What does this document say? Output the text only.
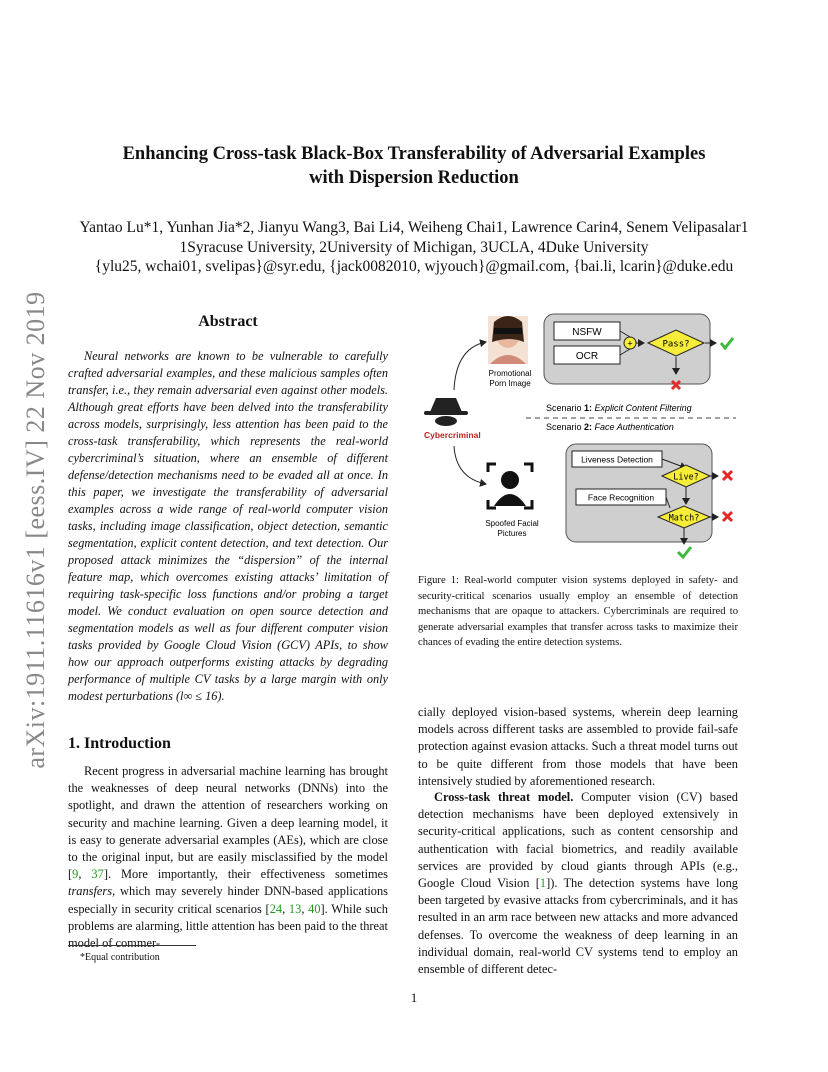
arXiv:1911.11616v1 [eess.IV] 22 Nov 2019
Enhancing Cross-task Black-Box Transferability of Adversarial Examples
with Dispersion Reduction
Yantao Lu*1, Yunhan Jia*2, Jianyu Wang3, Bai Li4, Weiheng Chai1, Lawrence Carin4, Senem Velipasalar1
1Syracuse University, 2University of Michigan, 3UCLA, 4Duke University
{ylu25, wchai01, svelipas}@syr.edu, {jack0082010, wjyouch}@gmail.com, {bai.li, lcarin}@duke.edu
Abstract
Neural networks are known to be vulnerable to carefully crafted adversarial examples, and these malicious samples often transfer, i.e., they remain adversarial even against other models. Although great efforts have been delved into the transferability across models, surprisingly, less attention has been paid to the cross-task transferability, which represents the real-world cybercriminal’s situation, where an ensemble of different defense/detection mechanisms need to be evaded all at once. In this paper, we investigate the transferability of adversarial examples across a wide range of real-world computer vision tasks, including image classification, object detection, semantic segmentation, explicit content detection, and text detection. Our proposed attack minimizes the “dispersion” of the internal feature map, which overcomes existing attacks’ limitation of requiring task-specific loss functions and/or probing a target model. We conduct evaluation on open source detection and segmentation models as well as four different computer vision tasks provided by Google Cloud Vision (GCV) APIs, to show how our approach outperforms existing attacks by degrading performance of multiple CV tasks by a large margin with only modest perturbations (l∞ ≤ 16).
1. Introduction
Recent progress in adversarial machine learning has brought the weaknesses of deep neural networks (DNNs) into the spotlight, and drawn the attention of researchers working on security and machine learning. Given a deep learning model, it is easy to generate adversarial examples (AEs), which are close to the original input, but are easily misclassified by the model [9, 37]. More importantly, their effectiveness sometimes transfers, which may severely hinder DNN-based applications especially in security critical scenarios [24, 13, 40]. While such problems are alarming, little attention has been paid to the threat model of commer-
*Equal contribution
NSFW
OCR
+	Pass?
Promotional
Porn Image
Cybercriminal
Scenario 1: Explicit Content Filtering
Scenario 2: Face Authentication
Liveness Detection
Face Recognition
Live?
Match?
Spoofed Facial
Pictures
Figure 1: Real-world computer vision systems deployed in safety- and security-critical scenarios usually employ an ensemble of detection mechanisms that are opaque to attackers. Cybercriminals are required to generate adversarial examples that transfer across tasks to maximize their chances of evading the entire detection systems.
cially deployed vision-based systems, wherein deep learning models across different tasks are assembled to provide fail-safe protection against evasion attacks. Such a threat model turns out to be quite different from those models that have been intensively studied by aforementioned research.
Cross-task threat model. Computer vision (CV) based detection mechanisms have been deployed extensively in security-critical applications, such as content censorship and authentication with facial biometrics, and readily available services are provided by cloud giants through APIs (e.g., Google Cloud Vision [1]). The detection systems have long been targeted by evasive attacks from cybercriminals, and it has resulted in an arm race between new attacks and more advanced defenses. To overcome the weakness of deep learning in an individual domain, real-world CV systems tend to employ an ensemble of different detec-
1
